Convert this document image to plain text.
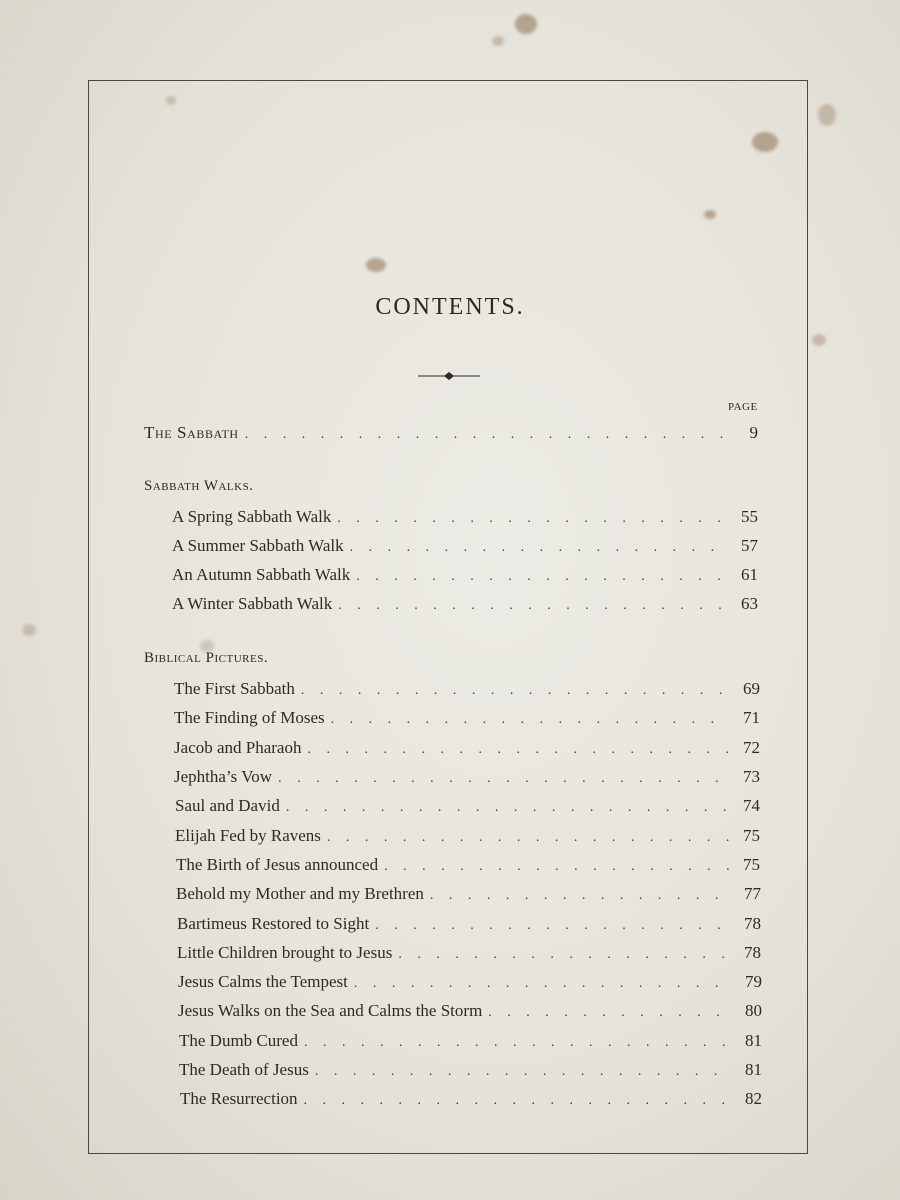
CONTENTS.
PAGE
The Sabbath . . .	9
Sabbath Walks.
A Spring Sabbath Walk . . .	55
A Summer Sabbath Walk . . .	57
An Autumn Sabbath Walk . . .	61
A Winter Sabbath Walk . . .	63
Biblical Pictures.
The First Sabbath . . .	69
The Finding of Moses . . .	71
Jacob and Pharaoh . . .	72
Jephtha’s Vow . . .	73
Saul and David . . .	74
Elijah Fed by Ravens . . .	75
The Birth of Jesus announced . . .	75
Behold my Mother and my Brethren . . .	77
Bartimeus Restored to Sight . . .	78
Little Children brought to Jesus . . .	78
Jesus Calms the Tempest . . .	79
Jesus Walks on the Sea and Calms the Storm . . .	80
The Dumb Cured . . .	81
The Death of Jesus . . .	81
The Resurrection . . .	82
